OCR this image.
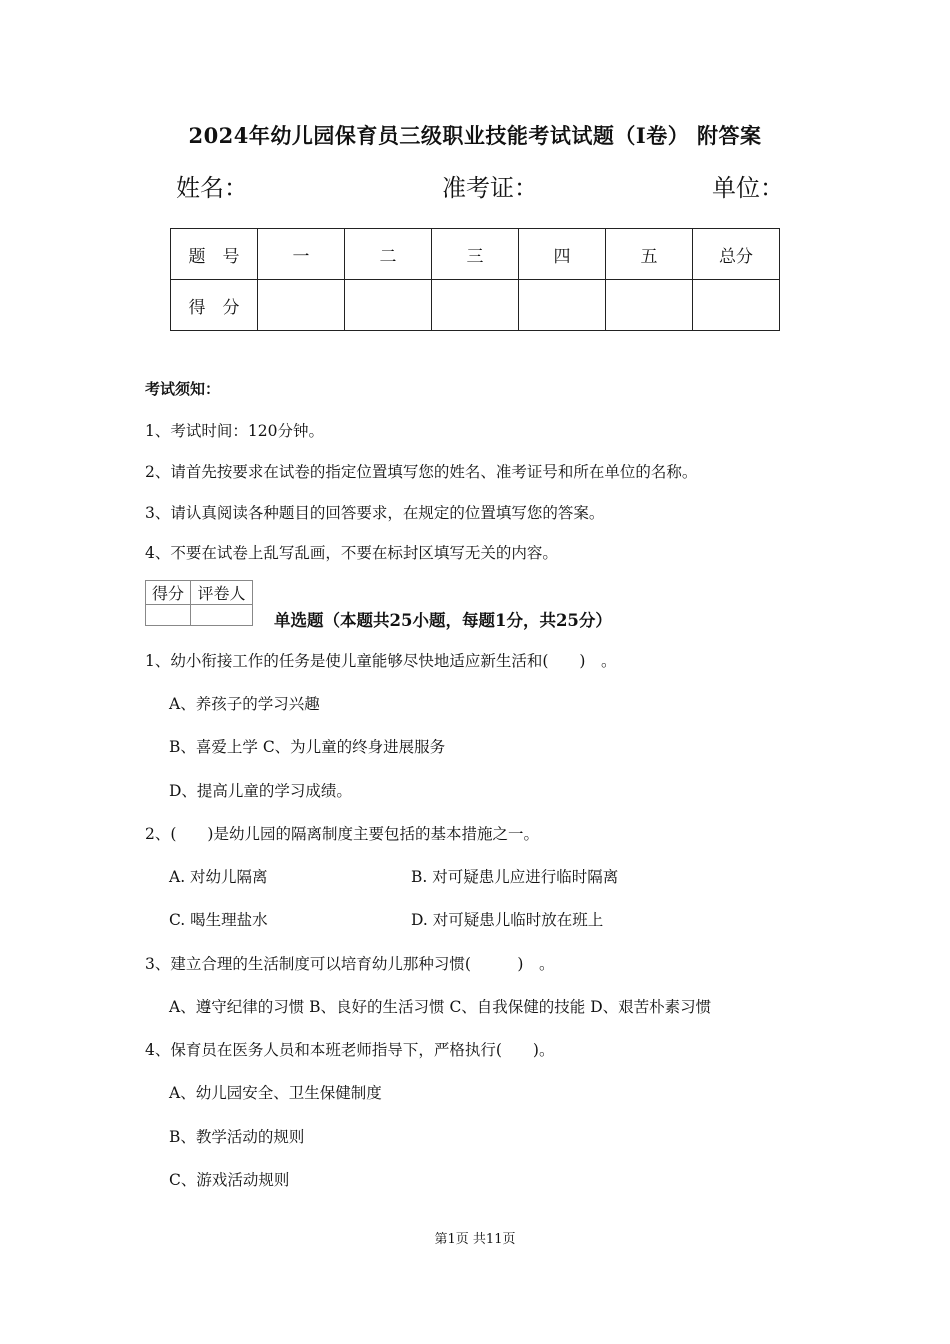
2024年幼儿园保育员三级职业技能考试试题（I卷） 附答案
姓名：	准考证：	单位：
题　号	一	二	三	四	五	总分
得　分						
考试须知：
1、考试时间：120分钟。
2、请首先按要求在试卷的指定位置填写您的姓名、准考证号和所在单位的名称。
3、请认真阅读各种题目的回答要求，在规定的位置填写您的答案。
4、不要在试卷上乱写乱画，不要在标封区填写无关的内容。
得分	评卷人

单选题（本题共25小题，每题1分，共25分）
1、幼小衔接工作的任务是使儿童能够尽快地适应新生活和(　　)　。
A、养孩子的学习兴趣
B、喜爱上学 C、为儿童的终身进展服务
D、提高儿童的学习成绩。
2、(　　)是幼儿园的隔离制度主要包括的基本措施之一。
A. 对幼儿隔离	B. 对可疑患儿应进行临时隔离
C. 喝生理盐水	D. 对可疑患儿临时放在班上
3、建立合理的生活制度可以培育幼儿那种习惯(　　　)　。
A、遵守纪律的习惯 B、良好的生活习惯 C、自我保健的技能 D、艰苦朴素习惯
4、保育员在医务人员和本班老师指导下，严格执行(　　)。
A、幼儿园安全、卫生保健制度
B、教学活动的规则
C、游戏活动规则
第1页 共11页
